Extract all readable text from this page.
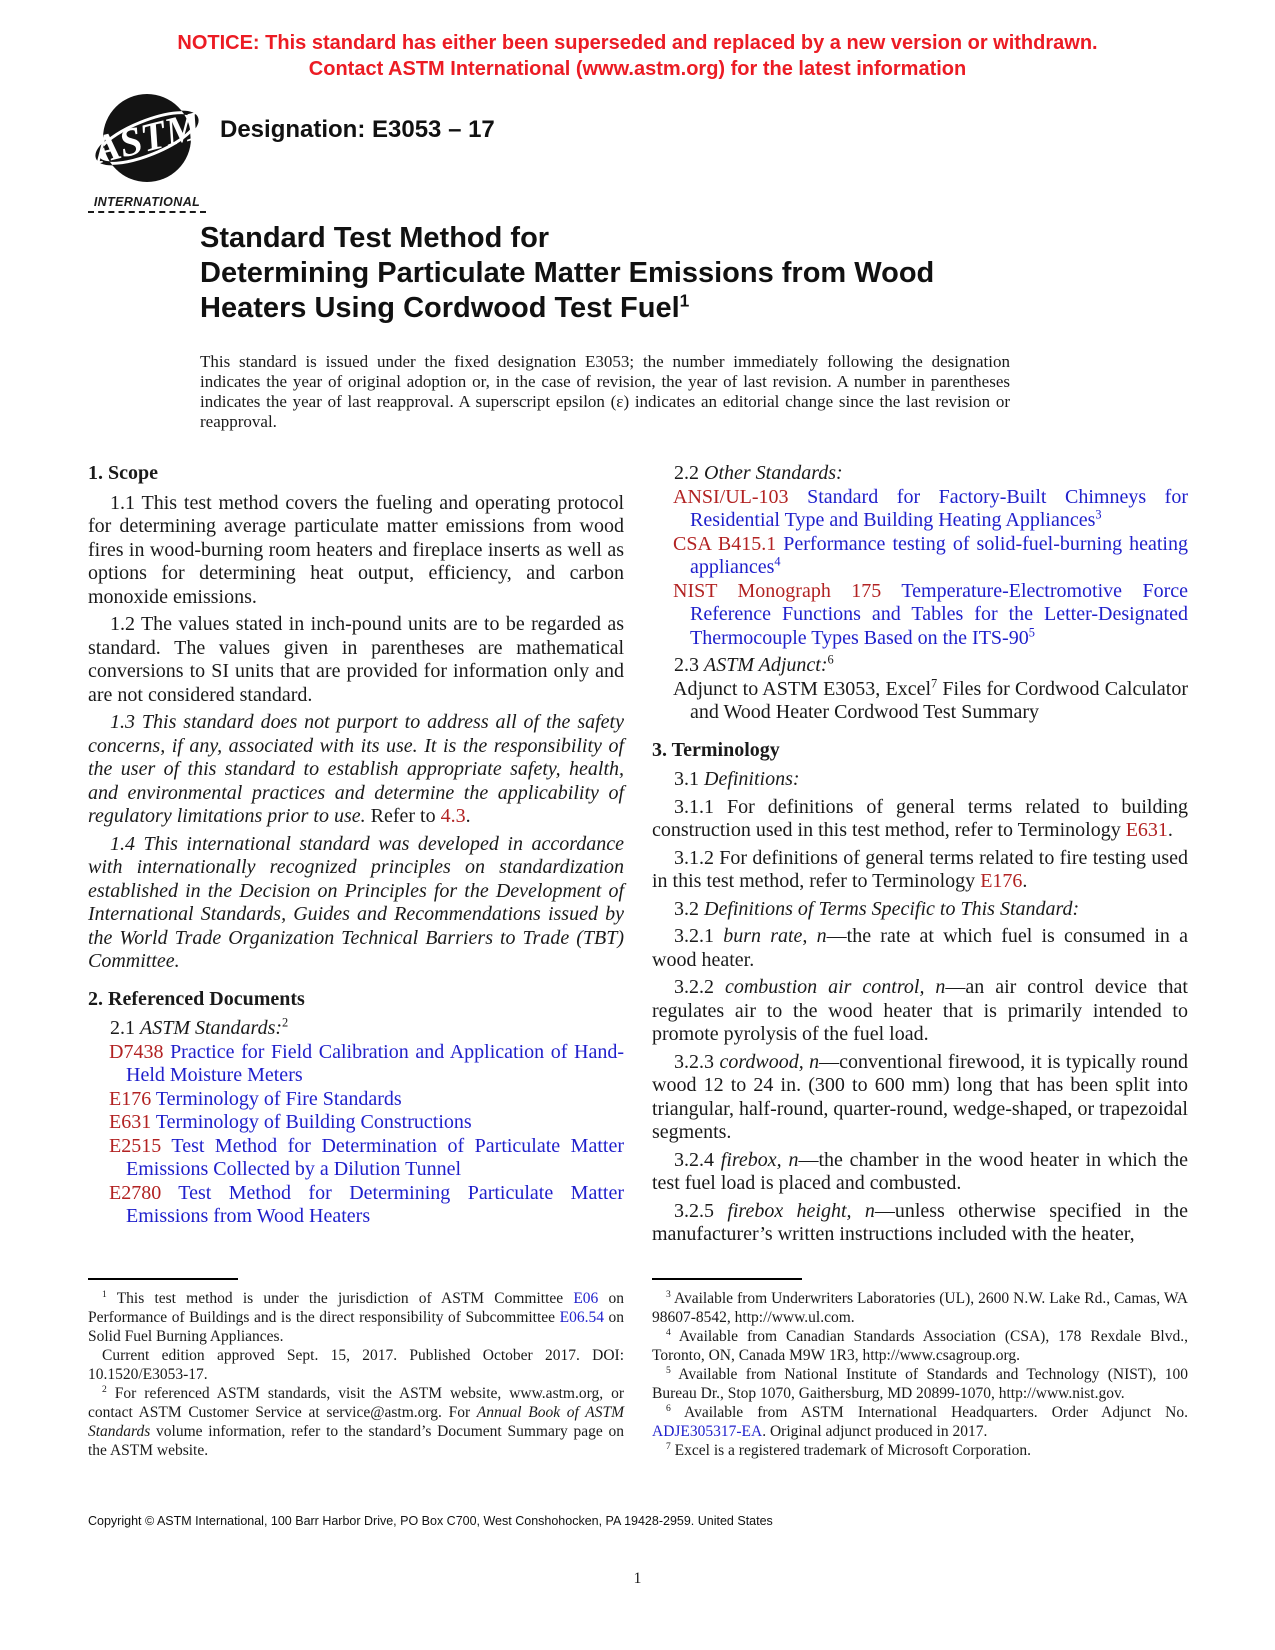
NOTICE: This standard has either been superseded and replaced by a new version or withdrawn.
Contact ASTM International (www.astm.org) for the latest information
ASTM
INTERNATIONAL
Designation: E3053 – 17
Standard Test Method for
Determining Particulate Matter Emissions from Wood
Heaters Using Cordwood Test Fuel$^1$

This standard is issued under the fixed designation E3053; the number immediately following the designation indicates the year of original adoption or, in the case of revision, the year of last revision. A number in parentheses indicates the year of last reapproval. A superscript epsilon (ε) indicates an editorial change since the last revision or reapproval.

1. Scope
1.1 This test method covers the fueling and operating protocol for determining average particulate matter emissions from wood fires in wood-burning room heaters and fireplace inserts as well as options for determining heat output, efficiency, and carbon monoxide emissions.
1.2 The values stated in inch-pound units are to be regarded as standard. The values given in parentheses are mathematical conversions to SI units that are provided for information only and are not considered standard.
1.3 This standard does not purport to address all of the safety concerns, if any, associated with its use. It is the responsibility of the user of this standard to establish appropriate safety, health, and environmental practices and determine the applicability of regulatory limitations prior to use. Refer to 4.3.
1.4 This international standard was developed in accordance with internationally recognized principles on standardization established in the Decision on Principles for the Development of International Standards, Guides and Recommendations issued by the World Trade Organization Technical Barriers to Trade (TBT) Committee.
2. Referenced Documents
2.1 ASTM Standards:$^2$
D7438 Practice for Field Calibration and Application of Hand-Held Moisture Meters
E176 Terminology of Fire Standards
E631 Terminology of Building Constructions
E2515 Test Method for Determination of Particulate Matter Emissions Collected by a Dilution Tunnel
E2780 Test Method for Determining Particulate Matter Emissions from Wood Heaters
2.2 Other Standards:
ANSI/UL-103 Standard for Factory-Built Chimneys for Residential Type and Building Heating Appliances$^3$
CSA B415.1 Performance testing of solid-fuel-burning heating appliances$^4$
NIST Monograph 175 Temperature-Electromotive Force Reference Functions and Tables for the Letter-Designated Thermocouple Types Based on the ITS-$90^5$
2.3 ASTM Adjunct:$^6$
Adjunct to ASTM E3053, Excel$^7$ Files for Cordwood Calculator and Wood Heater Cordwood Test Summary
3. Terminology
3.1 Definitions:
3.1.1 For definitions of general terms related to building construction used in this test method, refer to Terminology E631.
3.1.2 For definitions of general terms related to fire testing used in this test method, refer to Terminology E176.
3.2 Definitions of Terms Specific to This Standard:
3.2.1 burn rate, n—the rate at which fuel is consumed in a wood heater.
3.2.2 combustion air control, n—an air control device that regulates air to the wood heater that is primarily intended to promote pyrolysis of the fuel load.
3.2.3 cordwood, n—conventional firewood, it is typically round wood 12 to 24 in. (300 to 600 mm) long that has been split into triangular, half-round, quarter-round, wedge-shaped, or trapezoidal segments.
3.2.4 firebox, n—the chamber in the wood heater in which the test fuel load is placed and combusted.
3.2.5 firebox height, n—unless otherwise specified in the manufacturer’s written instructions included with the heater,
$^1$ This test method is under the jurisdiction of ASTM Committee E06 on Performance of Buildings and is the direct responsibility of Subcommittee E06.54 on Solid Fuel Burning Appliances.
Current edition approved Sept. 15, 2017. Published October 2017. DOI: 10.1520/E3053-17.
$^2$ For referenced ASTM standards, visit the ASTM website, www.astm.org, or contact ASTM Customer Service at service@astm.org. For Annual Book of ASTM Standards volume information, refer to the standard’s Document Summary page on the ASTM website.
$^3$ Available from Underwriters Laboratories (UL), 2600 N.W. Lake Rd., Camas, WA 98607-8542, http://www.ul.com.
$^4$ Available from Canadian Standards Association (CSA), 178 Rexdale Blvd., Toronto, ON, Canada M9W 1R3, http://www.csagroup.org.
$^5$ Available from National Institute of Standards and Technology (NIST), 100 Bureau Dr., Stop 1070, Gaithersburg, MD 20899-1070, http://www.nist.gov.
$^6$ Available from ASTM International Headquarters. Order Adjunct No. ADJE305317-EA. Original adjunct produced in 2017.
$^7$ Excel is a registered trademark of Microsoft Corporation.
Copyright © ASTM International, 100 Barr Harbor Drive, PO Box C700, West Conshohocken, PA 19428-2959. United States
1
